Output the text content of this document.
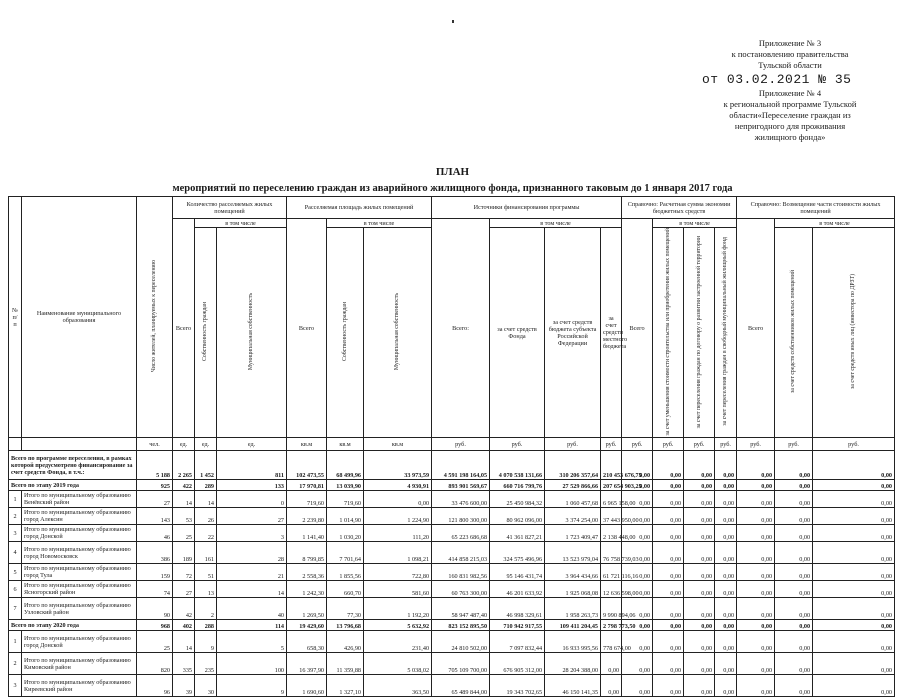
Приложение № 3
к постановлению правительства
Тульской области
от 03.02.2021 № 35
Приложение № 4
к региональной программе Тульской
области«Переселение граждан из
непригодного для проживания
жилищного фонда»
ПЛАН
мероприятий по переселению граждан из аварийного жилищного фонда, признанного таковым до 1 января 2017 года
№ п/п	Наименование муниципального образования	Число жителей, планируемых к переселению	Количество расселяемых жилых помещений			Расселяемая площадь жилых помещений			Источники финансирования программы				Справочно: Расчетная сумма экономии бюджетных средств				Справочно: Возмещение части стоимости жилых помещений		
			Всего	в том числе		Всего	в том числе		Всего:	в том числе			Всего	в том числе			Всего	в том числе	
				Собственность граждан	Муниципальная собственность		Собственность граждан	Муниципальная собственность		за счет средств Фонда	за счет средств бюджета субъекта Российской Федерации	за счет средств местного бюджета		за счет уменьшения стоимости строительства или приобретения жилых помещений	за счет переселения граждан по договору о развитии застроенной территории	за счет переселения граждан в свободный муниципальный жилищный фонд		за счет средств собственников жилых помещений	за счет средств иных лиц (инвестора по ДРЗТ)
		чел.	ед.	ед.	ед.	кв.м	кв.м	кв.м	руб.	руб.	руб.	руб.	руб.	руб.	руб.	руб.	руб.	руб.	руб.
Всего по программе переселения, в рамках которой предусмотрено финансирование за счет средств Фонда, в т.ч.:		5 188	2 265	1 452	811	102 473,55	68 499,96	33 973,59	4 591 198 164,05	4 070 538 131,66	310 206 357,64	210 453 676,75	0,00	0,00	0,00	0,00	0,00	0,00	0,00
Всего по этапу 2019 года		925	422	289	133	17 970,81	13 039,90	4 930,91	893 901 569,67	660 716 799,76	27 529 866,66	207 654 903,25	0,00	0,00	0,00	0,00	0,00	0,00	0,00
1	Итого по муниципальному образованию Венёвский район	27	14	14	0	719,60	719,60	0,00	33 476 600,00	25 450 984,32	1 060 457,68	6 965 158,00	0,00	0,00	0,00	0,00	0,00	0,00	0,00
2	Итого по муниципальному образованию город Алексин	143	53	26	27	2 239,80	1 014,90	1 224,90	121 800 300,00	80 962 096,00	3 374 254,00	37 443 950,00	0,00	0,00	0,00	0,00	0,00	0,00	0,00
3	Итого по муниципальному образованию город Донской	46	25	22	3	1 141,40	1 030,20	111,20	65 223 686,68	41 361 827,21	1 723 409,47	2 138 448,00	0,00	0,00	0,00	0,00	0,00	0,00	0,00
4	Итого по муниципальному образованию город Новомосковск	386	189	161	28	8 799,85	7 701,64	1 098,21	414 858 215,03	324 575 496,96	13 523 979,04	76 758 739,03	0,00	0,00	0,00	0,00	0,00	0,00	0,00
5	Итого по муниципальному образованию город Тула	159	72	51	21	2 558,36	1 855,56	722,80	160 831 982,56	95 146 431,74	3 964 434,66	61 721 116,16	0,00	0,00	0,00	0,00	0,00	0,00	0,00
6	Итого по муниципальному образованию Ясногорский район	74	27	13	14	1 242,30	660,70	581,60	60 763 300,00	46 201 633,92	1 925 068,08	12 636 598,00	0,00	0,00	0,00	0,00	0,00	0,00	0,00
7	Итого по муниципальному образованию Узловский район	90	42	2	40	1 269,50	77,30	1 192,20	58 947 487,40	46 998 329,61	1 958 263,73	9 990 894,06	0,00	0,00	0,00	0,00	0,00	0,00	0,00
Всего по этапу 2020 года		968	402	288	114	19 429,60	13 796,68	5 632,92	823 152 895,50	710 942 917,55	109 411 204,45	2 798 773,50	0,00	0,00	0,00	0,00	0,00	0,00	0,00
1	Итого по муниципальному образованию город Донской	25	14	9	5	658,30	426,90	231,40	24 810 502,00	7 097 832,44	16 933 995,56	778 674,00	0,00	0,00	0,00	0,00	0,00	0,00	0,00
2	Итого по муниципальному образованию Кимовский район	820	335	235	100	16 397,90	11 359,88	5 038,02	705 109 700,00	676 905 312,00	28 204 388,00	0,00	0,00	0,00	0,00	0,00	0,00	0,00	0,00
3	Итого по муниципальному образованию Киреевский район	96	39	30	9	1 690,60	1 327,10	363,50	65 489 844,00	19 343 702,65	46 150 141,35	0,00	0,00	0,00	0,00	0,00	0,00	0,00	0,00
